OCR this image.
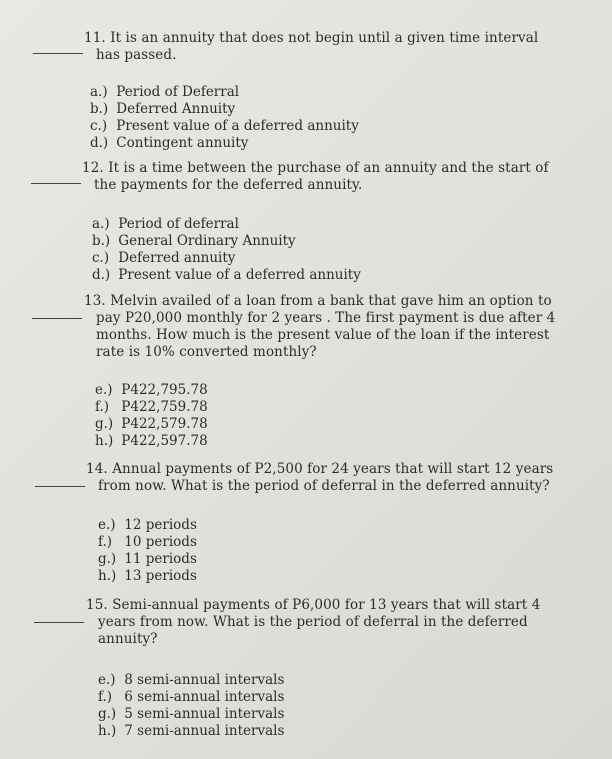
11. It is an annuity that does not begin until a given time interval
has passed.
a.) Period of Deferral
b.) Deferred Annuity
c.) Present value of a deferred annuity
d.) Contingent annuity
12. It is a time between the purchase of an annuity and the start of
the payments for the deferred annuity.
a.) Period of deferral
b.) General Ordinary Annuity
c.) Deferred annuity
d.) Present value of a deferred annuity
13. Melvin availed of a loan from a bank that gave him an option to
pay P20,000 monthly for 2 years . The first payment is due after 4
months. How much is the present value of the loan if the interest
rate is 10% converted monthly?
e.) P422,795.78
f.) P422,759.78
g.) P422,579.78
h.) P422,597.78
14. Annual payments of P2,500 for 24 years that will start 12 years
from now. What is the period of deferral in the deferred annuity?
e.) 12 periods
f.) 10 periods
g.) 11 periods
h.) 13 periods
15. Semi-annual payments of P6,000 for 13 years that will start 4
years from now. What is the period of deferral in the deferred
annuity?
e.) 8 semi-annual intervals
f.) 6 semi-annual intervals
g.) 5 semi-annual intervals
h.) 7 semi-annual intervals
